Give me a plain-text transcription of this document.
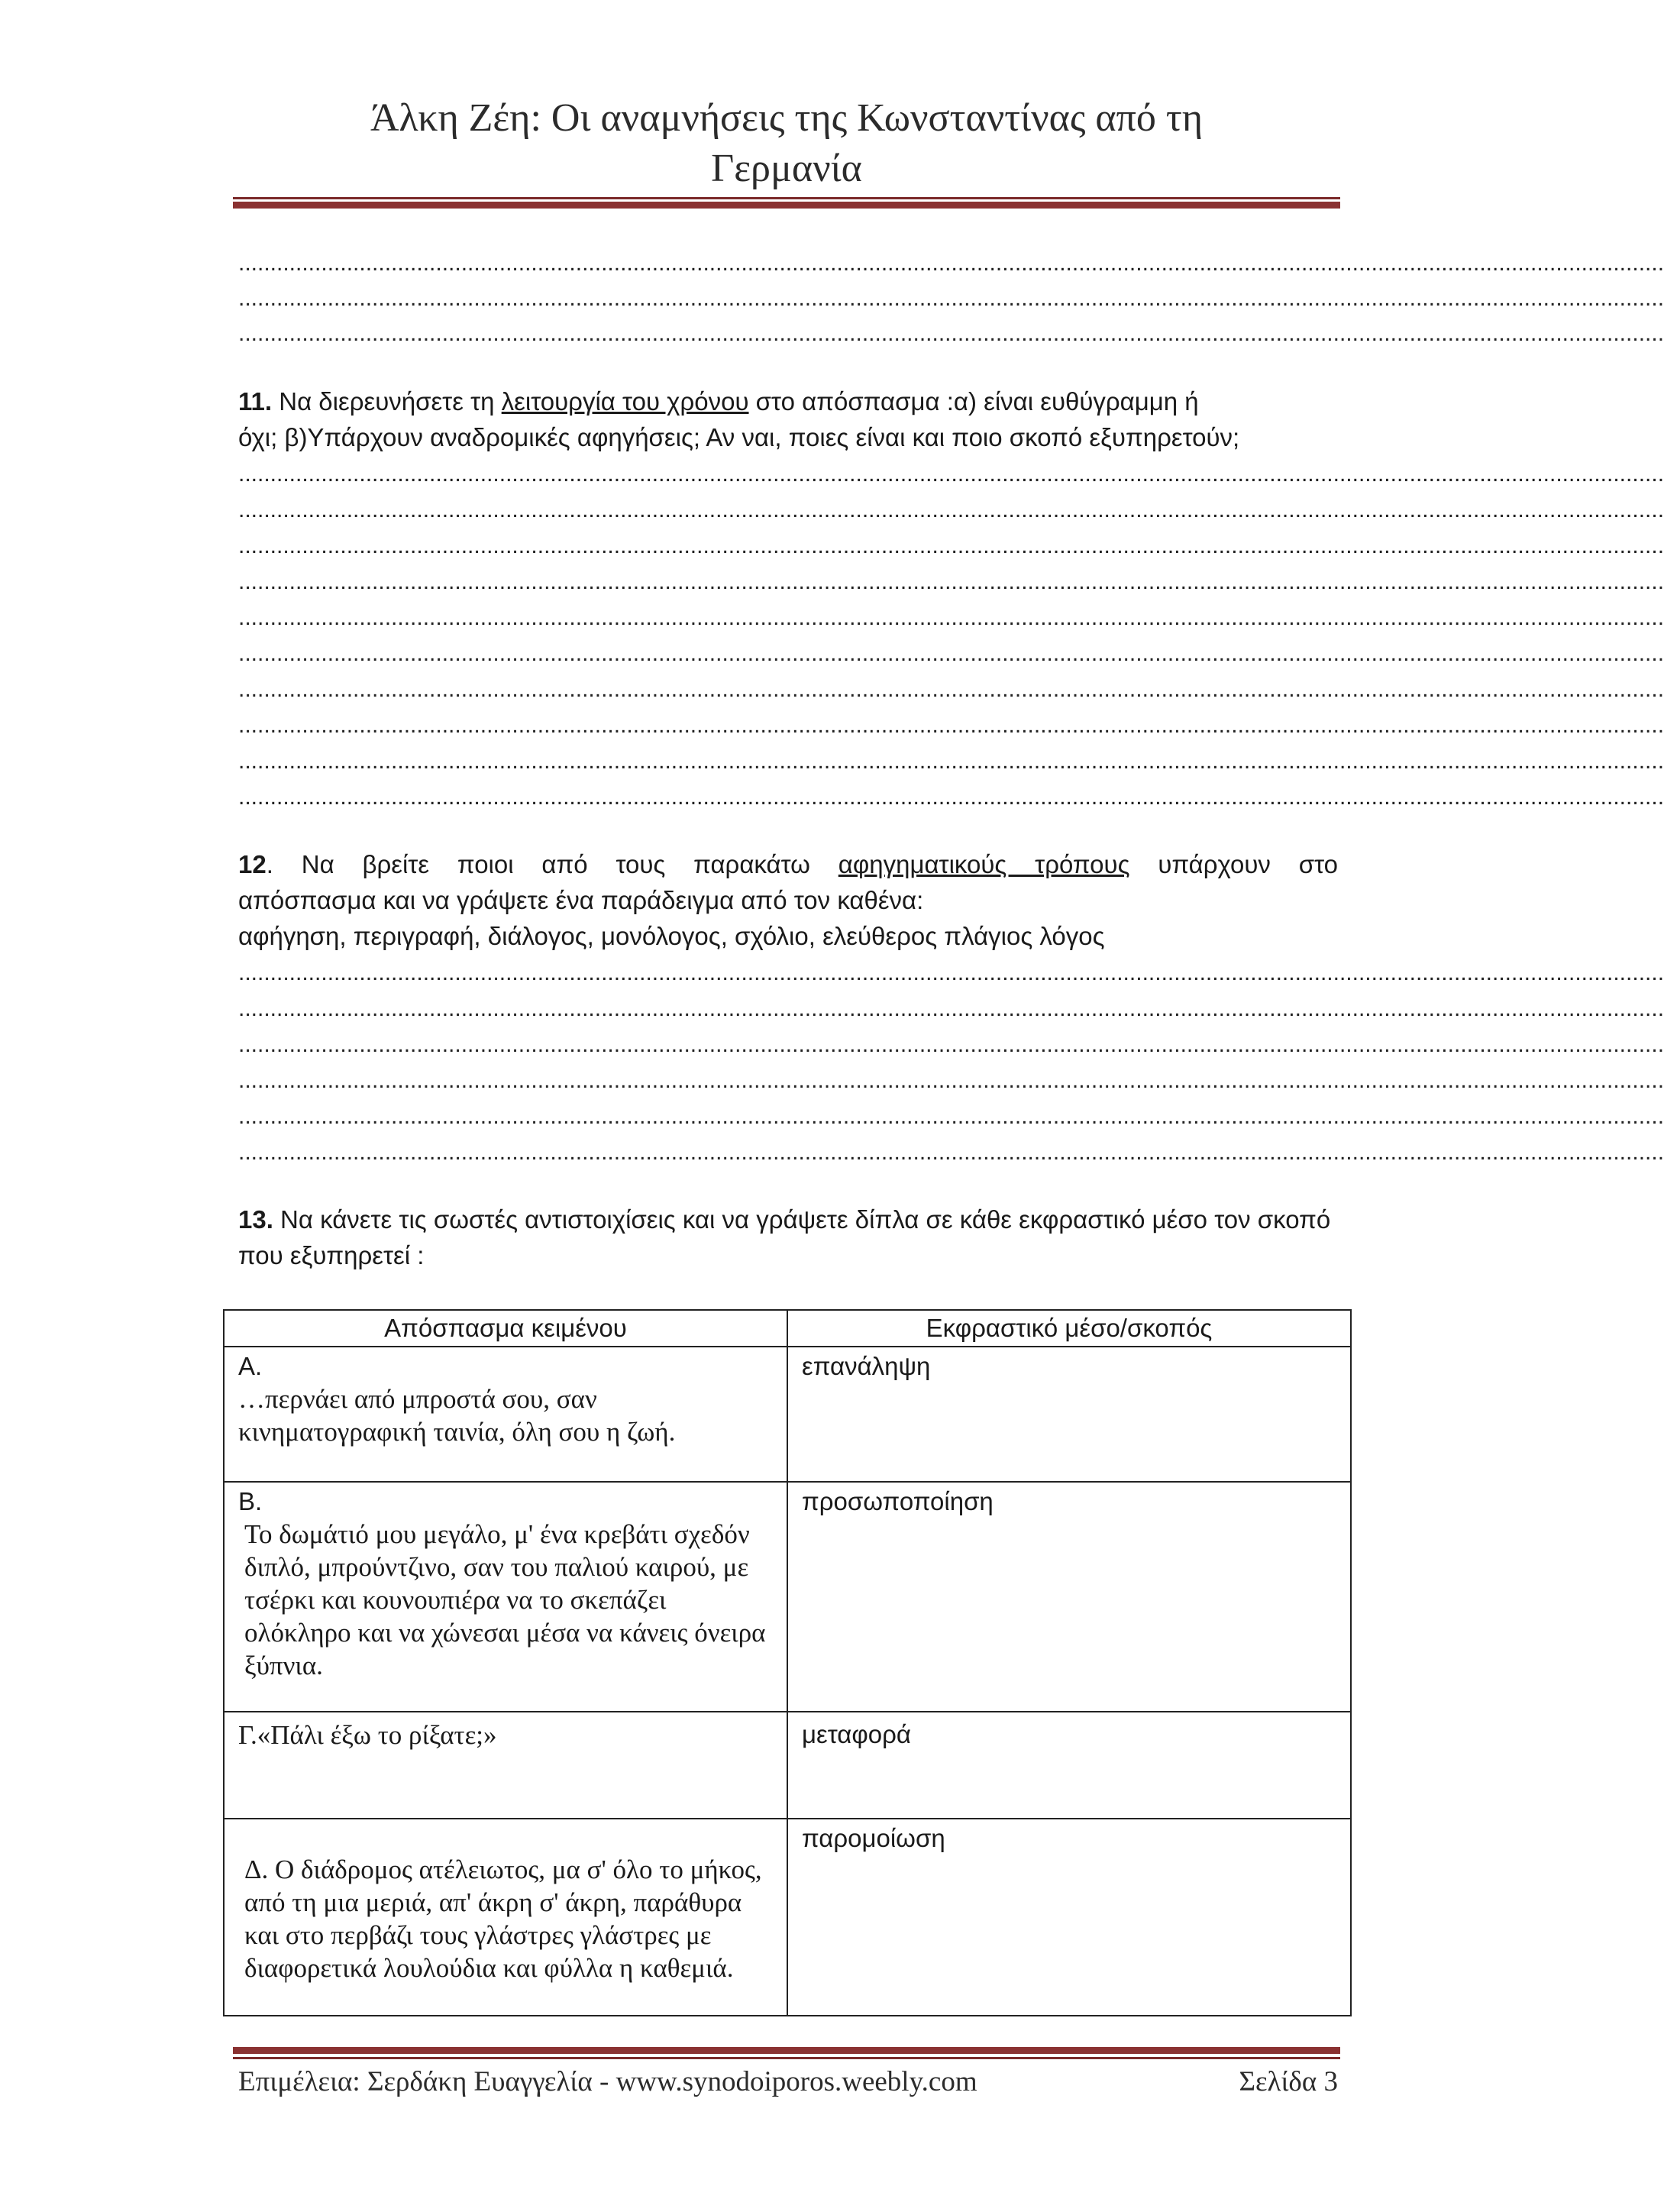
Άλκη Ζέη: Οι αναμνήσεις της Κωνσταντίνας από τη
Γερμανία
................................................................................................................................................................................................................................
................................................................................................................................................................................................................................
................................................................................................................................................................................................................................
11. Να διερευνήσετε τη λειτουργία του χρόνου στο απόσπασμα :α) είναι ευθύγραμμη ή
όχι; β)Υπάρχουν αναδρομικές αφηγήσεις; Αν ναι, ποιες είναι και ποιο σκοπό εξυπηρετούν;
................................................................................................................................................................................................................................
................................................................................................................................................................................................................................
................................................................................................................................................................................................................................
................................................................................................................................................................................................................................
................................................................................................................................................................................................................................
................................................................................................................................................................................................................................
................................................................................................................................................................................................................................
................................................................................................................................................................................................................................
................................................................................................................................................................................................................................
................................................................................................................................................................................................................................
12. Να βρείτε ποιοι από τους παρακάτω αφηγηματικούς τρόπους υπάρχουν στο
απόσπασμα και να γράψετε ένα παράδειγμα από τον καθένα:
αφήγηση, περιγραφή, διάλογος, μονόλογος, σχόλιο, ελεύθερος πλάγιος λόγος
................................................................................................................................................................................................................................
................................................................................................................................................................................................................................
................................................................................................................................................................................................................................
................................................................................................................................................................................................................................
................................................................................................................................................................................................................................
................................................................................................................................................................................................................................
13. Να κάνετε τις σωστές αντιστοιχίσεις και να γράψετε δίπλα σε κάθε εκφραστικό μέσο τον σκοπό που εξυπηρετεί :
Απόσπασμα κειμένου	Εκφραστικό μέσο/σκοπός

Α.
…περνάει από μπροστά σου, σαν κινηματογραφική ταινία, όλη σου η ζωή.	επανάληψη

Β.
Το δωμάτιό μου μεγάλο, μ' ένα κρεβάτι σχεδόν διπλό, μπρούντζινο, σαν του παλιού καιρού, με τσέρκι και κουνουπιέρα να το σκεπάζει ολόκληρο και να χώνεσαι μέσα να κάνεις όνειρα ξύπνια.	προσωποποίηση

Γ.«Πάλι έξω το ρίξατε;»	μεταφορά

Δ. Ο διάδρομος ατέλειωτος, μα σ' όλο το μήκος, από τη μια μεριά, απ' άκρη σ' άκρη, παράθυρα και στο περβάζι τους γλάστρες γλάστρες με διαφορετικά λουλούδια και φύλλα η καθεμιά.	παρομοίωση
Επιμέλεια: Σερδάκη Ευαγγελία - www.synodoiporos.weebly.com	Σελίδα 3
